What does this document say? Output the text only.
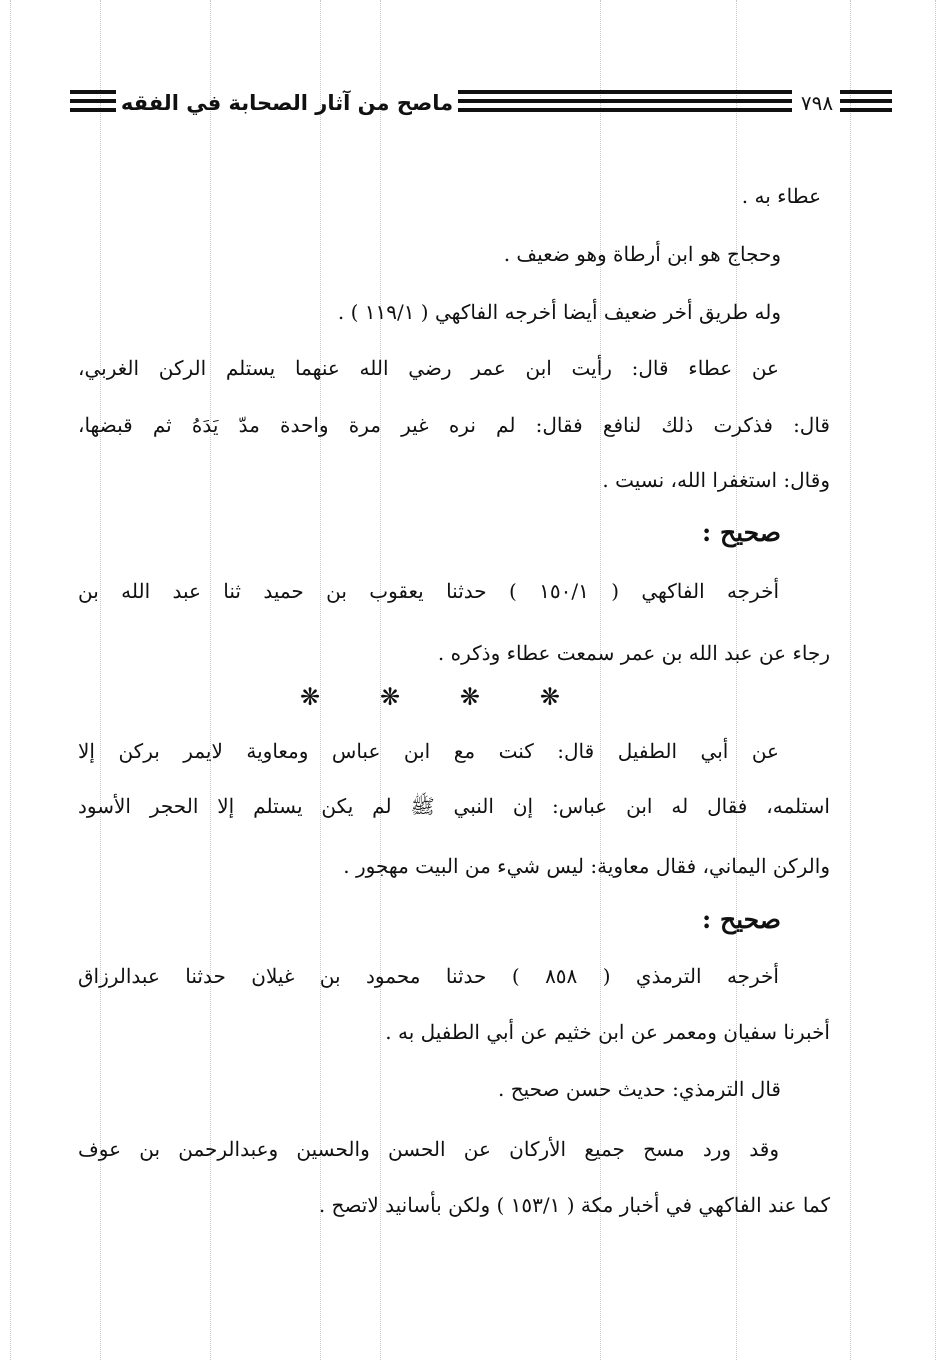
ماصح من آثار الصحابة في الفقه	٧٩٨
عطاء به .
وحجاج هو ابن أرطاة وهو ضعيف .
وله طريق أخر ضعيف أيضا أخرجه الفاكهي ( ١١٩/١ ) .
عن عطاء قال: رأيت ابن عمر رضي الله عنهما يستلم الركن الغربي،
قال: فذكرت ذلك لنافع فقال: لم نره غير مرة واحدة مدّ يَدَهُ ثم قبضها،
وقال: استغفرا الله، نسيت .
صحيح :
أخرجه الفاكهي ( ١٥٠/١ ) حدثنا يعقوب بن حميد ثنا عبد الله بن
رجاء عن عبد الله بن عمر سمعت عطاء وذكره .
❋ ❋ ❋ ❋
عن أبي الطفيل قال: كنت مع ابن عباس ومعاوية لايمر بركن إلا
استلمه، فقال له ابن عباس: إن النبي ﷺ لم يكن يستلم إلا الحجر الأسود
والركن اليماني، فقال معاوية: ليس شيء من البيت مهجور .
صحيح :
أخرجه الترمذي ( ٨٥٨ ) حدثنا محمود بن غيلان حدثنا عبدالرزاق
أخبرنا سفيان ومعمر عن ابن خثيم عن أبي الطفيل به .
قال الترمذي: حديث حسن صحيح .
وقد ورد مسح جميع الأركان عن الحسن والحسين وعبدالرحمن بن عوف
كما عند الفاكهي في أخبار مكة ( ١٥٣/١ ) ولكن بأسانيد لاتصح .
